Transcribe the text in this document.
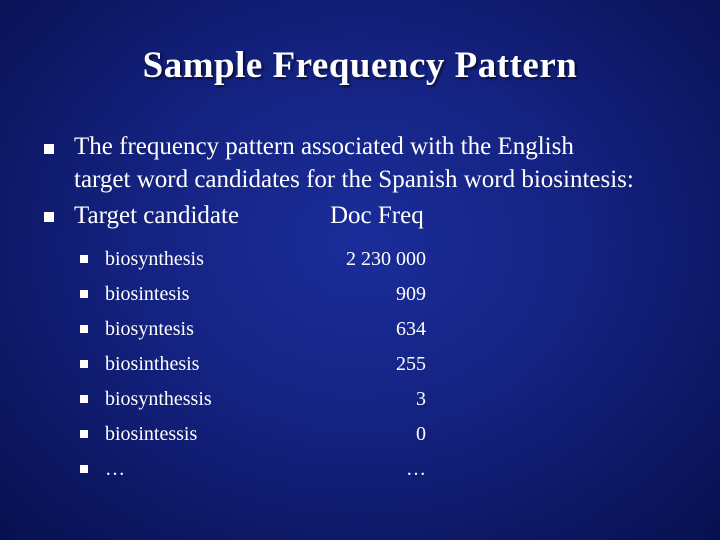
Sample Frequency Pattern
The frequency pattern associated with the English
target word candidates for the Spanish word biosintesis:
Target candidate	Doc Freq
biosynthesis	2 230 000
biosintesis	909
biosyntesis	634
biosinthesis	255
biosynthessis	3
biosintessis	0
…	…
